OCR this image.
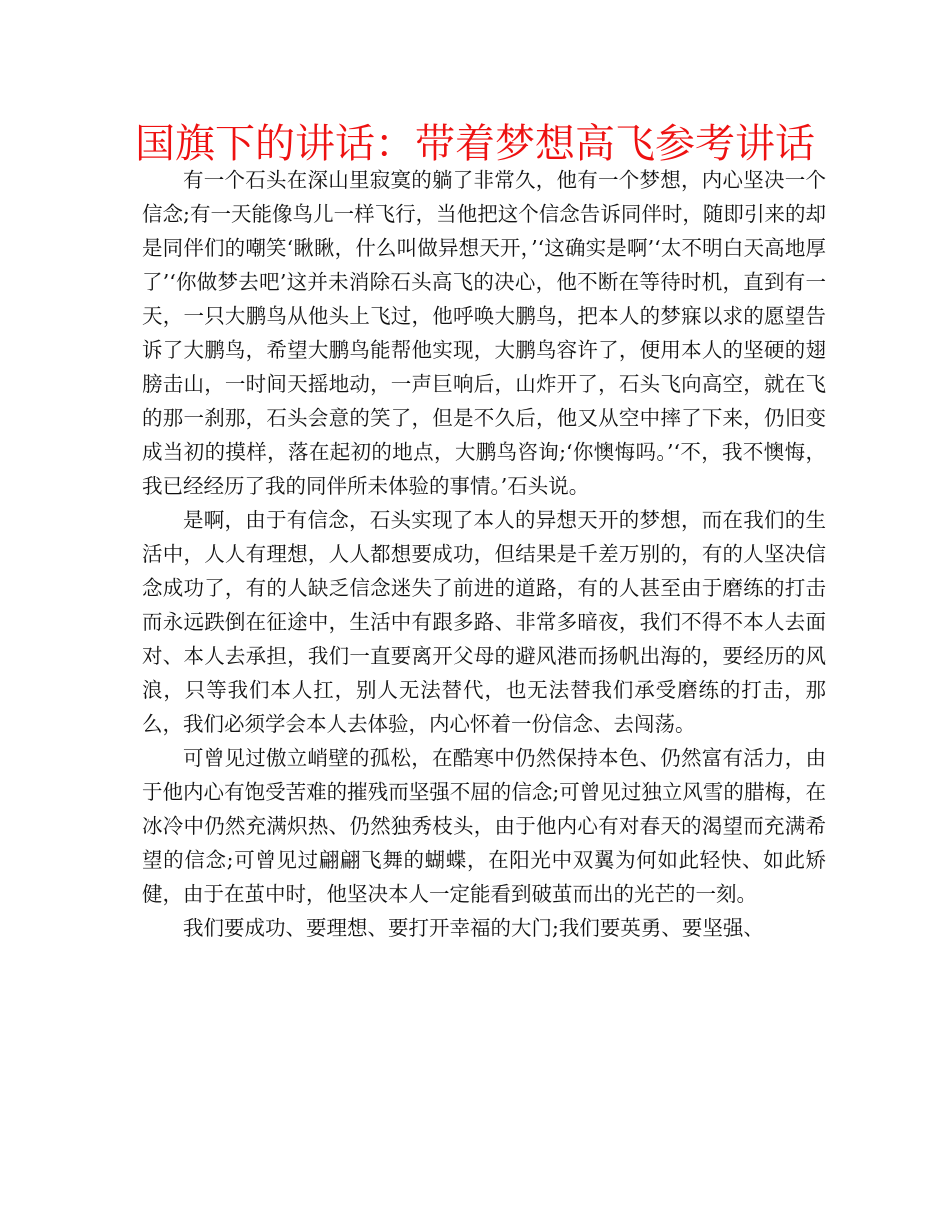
国旗下的讲话：带着梦想高飞参考讲话

有一个石头在深山里寂寞的躺了非常久，他有一个梦想，内心坚决一个信念;有一天能像鸟儿一样飞行，当他把这个信念告诉同伴时，随即引来的却是同伴们的嘲笑‘瞅瞅，什么叫做异想天开，’‘这确实是啊’‘太不明白天高地厚了’‘你做梦去吧’这并未消除石头高飞的决心，他不断在等待时机，直到有一天，一只大鹏鸟从他头上飞过，他呼唤大鹏鸟，把本人的梦寐以求的愿望告诉了大鹏鸟，希望大鹏鸟能帮他实现，大鹏鸟容许了，便用本人的坚硬的翅膀击山，一时间天摇地动，一声巨响后，山炸开了，石头飞向高空，就在飞的那一刹那，石头会意的笑了，但是不久后，他又从空中摔了下来，仍旧变成当初的摸样，落在起初的地点，大鹏鸟咨询;‘你懊悔吗。’‘不，我不懊悔，我已经经历了我的同伴所未体验的事情。’石头说。

是啊，由于有信念，石头实现了本人的异想天开的梦想，而在我们的生活中，人人有理想，人人都想要成功，但结果是千差万别的，有的人坚决信念成功了，有的人缺乏信念迷失了前进的道路，有的人甚至由于磨练的打击而永远跌倒在征途中，生活中有跟多路、非常多暗夜，我们不得不本人去面对、本人去承担，我们一直要离开父母的避风港而扬帆出海的，要经历的风浪，只等我们本人扛，别人无法替代，也无法替我们承受磨练的打击，那么，我们必须学会本人去体验，内心怀着一份信念、去闯荡。

可曾见过傲立峭壁的孤松，在酷寒中仍然保持本色、仍然富有活力，由于他内心有饱受苦难的摧残而坚强不屈的信念;可曾见过独立风雪的腊梅，在冰冷中仍然充满炽热、仍然独秀枝头，由于他内心有对春天的渴望而充满希望的信念;可曾见过翩翩飞舞的蝴蝶，在阳光中双翼为何如此轻快、如此矫健，由于在茧中时，他坚决本人一定能看到破茧而出的光芒的一刻。

我们要成功、要理想、要打开幸福的大门;我们要英勇、要坚强、
